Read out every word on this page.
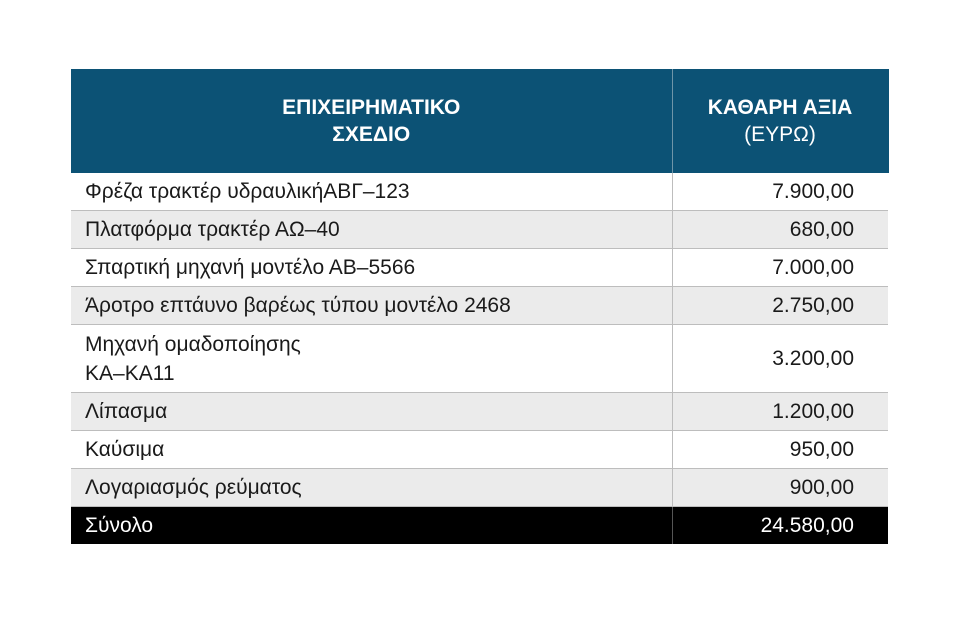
ΕΠΙΧΕΙΡΗΜΑΤΙΚΟ
ΣΧΕΔΙΟ	ΚΑΘΑΡΗ ΑΞΙΑ
(ΕΥΡΩ)

Φρέζα τρακτέρ υδραυλικήΑΒΓ–123	7.900,00
Πλατφόρμα τρακτέρ ΑΩ–40	680,00
Σπαρτική μηχανή μοντέλο ΑΒ–5566	7.000,00
Άροτρο επτάυνο βαρέως τύπου μοντέλο 2468	2.750,00

Μηχανή ομαδοποίησης
ΚΑ–ΚΑ11	3.200,00
Λίπασμα	1.200,00
Καύσιμα	950,00
Λογαριασμός ρεύματος	900,00
Σύνολο	24.580,00
